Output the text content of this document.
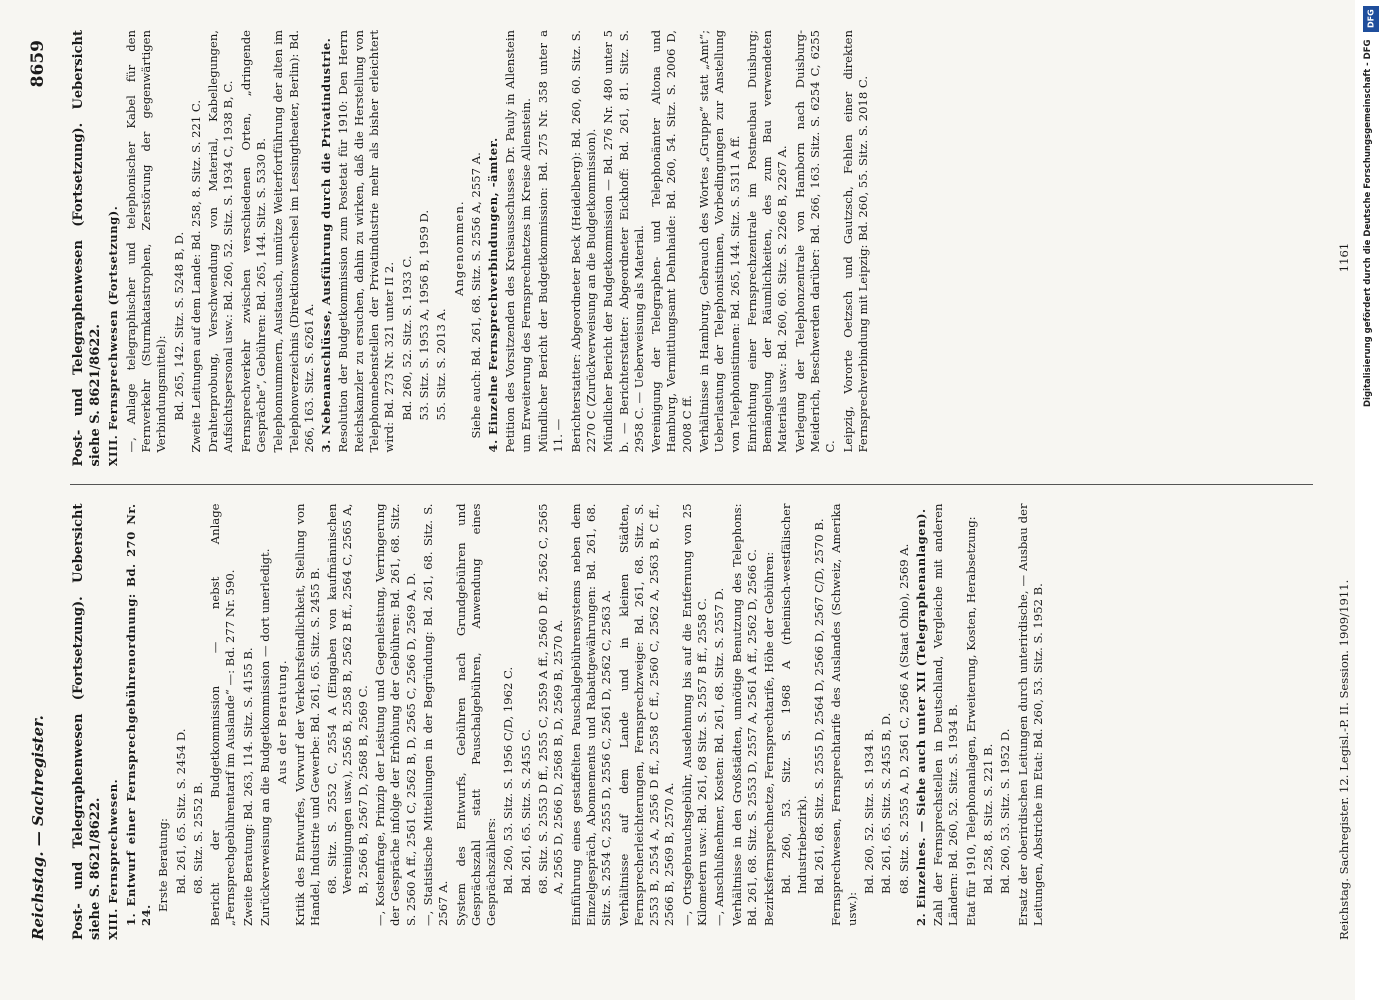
Reichstag. — Sachregister.
8659

Post- und Telegraphenwesen (Fortsetzung). Uebersicht siehe S. 8621/8622. XIII. Fernsprechwesen. 1. Entwurf einer Fernsprechgebührenordnung: Bd. 270 Nr. 24.

Erste Beratung: Bd. 261, 65. Sitz. S. 2454 D. 68. Sitz. S. 2552 B. Bericht der Budgetkommission — nebst Anlage „Fernsprechgebührentarif im Auslande“ —: Bd. 277 Nr. 590. Zweite Beratung: Bd. 263, 114. Sitz. S. 4155 B. Zurückverweisung an die Budgetkommission — dort unerledigt. Aus der Beratung. Kritik des Entwurfes, Vorwurf der Verkehrsfeindlichkeit, Stellung von Handel, Industrie und Gewerbe: Bd. 261, 65. Sitz. S. 2455 B. 68. Sitz. S. 2552 C, 2554 A (Eingaben von kaufmännischen Vereinigungen usw.), 2556 B, 2558 B, 2562 B ff., 2564 C, 2565 A, B, 2566 B, 2567 D, 2568 B, 2569 C. —, Kostenfrage, Prinzip der Leistung und Gegenleistung, Verringerung der Gespräche infolge der Erhöhung der Gebühren: Bd. 261, 68. Sitz. S. 2560 A ff., 2561 C, 2562 B, D, 2565 C, 2566 D, 2569 A, D. —, Statistische Mitteilungen in der Begründung: Bd. 261, 68. Sitz. S. 2567 A. System des Entwurfs, Gebühren nach Grundgebühren und Gesprächszahl statt Pauschalgebühren, Anwendung eines Gesprächszählers: Bd. 260, 53. Sitz. S. 1956 C/D, 1962 C. Bd. 261, 65. Sitz. S. 2455 C. 68. Sitz. S. 2553 D ff., 2555 C, 2559 A ff., 2560 D ff., 2562 C, 2565 A, 2565 D, 2566 D, 2568 B, D, 2569 B, 2570 A. Einführung eines gestaffelten Pauschalgebührensystems neben dem Einzelgespräch, Abonnements und Rabattgewährungen: Bd. 261, 68. Sitz. S. 2554 C, 2555 D, 2556 C, 2561 D, 2562 C, 2563 A. Verhältnisse auf dem Lande und in kleinen Städten, Fernsprecherleichterungen, Fernsprechzweige: Bd. 261, 68. Sitz. S. 2553 B, 2554 A, 2556 D ff., 2558 C ff., 2560 C, 2562 A, 2563 B, C ff., 2566 B, 2569 B, 2570 A. —, Ortsgebrauchsgebühr, Ausdehnung bis auf die Entfernung von 25 Kilometern usw.: Bd. 261, 68 Sitz. S. 2557 B ff., 2558 C. —, Anschlußnehmer, Kosten: Bd. 261, 68. Sitz. S. 2557 D. Verhältnisse in den Großstädten, unnötige Benutzung des Telephons: Bd. 261, 68. Sitz. S. 2553 D, 2557 A, 2561 A ff., 2562 D, 2566 C. Bezirksfernsprechnetze, Fernsprechtarife, Höhe der Gebühren: Bd. 260, 53. Sitz. S. 1968 A (rheinisch-westfälischer Industriebezirk). Bd. 261, 68. Sitz. S. 2555 D, 2564 D, 2566 D, 2567 C/D, 2570 B. Fernsprechwesen, Fernsprechtarife des Auslandes (Schweiz, Amerika usw.):

Bd. 260, 52. Sitz. S. 1934 B. Bd. 261, 65. Sitz. S. 2455 B, D. 68. Sitz. S. 2555 A, D, 2561 C, 2566 A (Staat Ohio), 2569 A. 2. Einzelnes. — Siehe auch unter XII (Telegraphenanlagen). Zahl der Fernsprechstellen in Deutschland, Vergleiche mit anderen Ländern: Bd. 260, 52. Sitz. S. 1934 B. Etat für 1910, Telephonanlagen, Erweiterung, Kosten, Herabsetzung: Bd. 258, 8. Sitz. S. 221 B. Bd. 260, 53. Sitz. S. 1952 D. Ersatz der oberirdischen Leitungen durch unterirdische, — Ausbau der Leitungen, Abstriche im Etat: Bd. 260, 53. Sitz. S. 1952 B.

Post- und Telegraphenwesen (Fortsetzung). Uebersicht siehe S. 8621/8622. XIII. Fernsprechwesen (Fortsetzung). —, Anlage telegraphischer und telephonischer Kabel für den Fernverkehr (Sturmkatastrophen, Zerstörung der gegenwärtigen Verbindungsmittel): Bd. 265, 142. Sitz. S. 5248 B, D. Zweite Leitungen auf dem Lande: Bd. 258, 8. Sitz. S. 221 C. Drahterprobung, Verschwendung von Material, Kabellegungen, Aufsichtspersonal usw.: Bd. 260, 52. Sitz. S. 1934 C, 1938 B, C. Fernsprechverkehr zwischen verschiedenen Orten, „dringende Gespräche“, Gebühren: Bd. 265, 144. Sitz. S. 5330 B. Telephonnummern, Austausch, unnütze Weiterfortführung der alten im Telephonverzeichnis (Direktionswechsel im Lessingtheater, Berlin): Bd. 266, 163. Sitz. S. 6261 A. 3. Nebenanschlüsse, Ausführung durch die Privatindustrie. Resolution der Budgetkommission zum Postetat für 1910: Den Herrn Reichskanzler zu ersuchen, dahin zu wirken, daß die Herstellung von Telephonnebenstellen der Privatindustrie mehr als bisher erleichtert wird: Bd. 273 Nr. 321 unter II 2. Bd. 260, 52. Sitz. S. 1933 C. 53. Sitz. S. 1953 A, 1956 B, 1959 D. 55. Sitz. S. 2013 A.

Angenommen. Siehe auch: Bd. 261, 68. Sitz. S. 2556 A, 2557 A. 4. Einzelne Fernsprechverbindungen, -ämter. Petition des Vorsitzenden des Kreisausschusses Dr. Pauly in Allenstein um Erweiterung des Fernsprechnetzes im Kreise Allenstein. Mündlicher Bericht der Budgetkommission: Bd. 275 Nr. 358 unter a 11. — Berichterstatter: Abgeordneter Beck (Heidelberg): Bd. 260, 60. Sitz. S. 2270 C (Zurückverweisung an die Budgetkommission). Mündlicher Bericht der Budgetkommission — Bd. 276 Nr. 480 unter 5 b. — Berichterstatter: Abgeordneter Eickhoff: Bd. 261, 81. Sitz. S. 2958 C. — Ueberweisung als Material. Vereinigung der Telegraphen- und Telephonämter Altona und Hamburg, Vermittlungsamt Dehnhaide: Bd. 260, 54. Sitz. S. 2006 D, 2008 C ff. Verhältnisse in Hamburg, Gebrauch des Wortes „Gruppe“ statt „Amt“; Ueberlastung der Telephonistinnen, Vorbedingungen zur Anstellung von Telephonistinnen: Bd. 265, 144. Sitz. S. 5311 A ff. Einrichtung einer Fernsprechzentrale im Postneubau Duisburg; Bemängelung der Räumlichkeiten, des zum Bau verwendeten Materials usw.: Bd. 260, 60. Sitz. S. 2266 B, 2267 A. Verlegung der Telephonzentrale von Hamborn nach Duisburg-Meiderich, Beschwerden darüber: Bd. 266, 163. Sitz. S. 6254 C, 6255 C. Leipzig, Vororte Oetzsch und Gautzsch, Fehlen einer direkten Fernsprechverbindung mit Leipzig: Bd. 260, 55. Sitz. S. 2018 C.

Reichstag. Sachregister. 12. Legisl.-P. II. Session. 1909/1911.
1161
DFG
Digitalisierung gefördert durch die Deutsche Forschungsgemeinschaft - DFG
